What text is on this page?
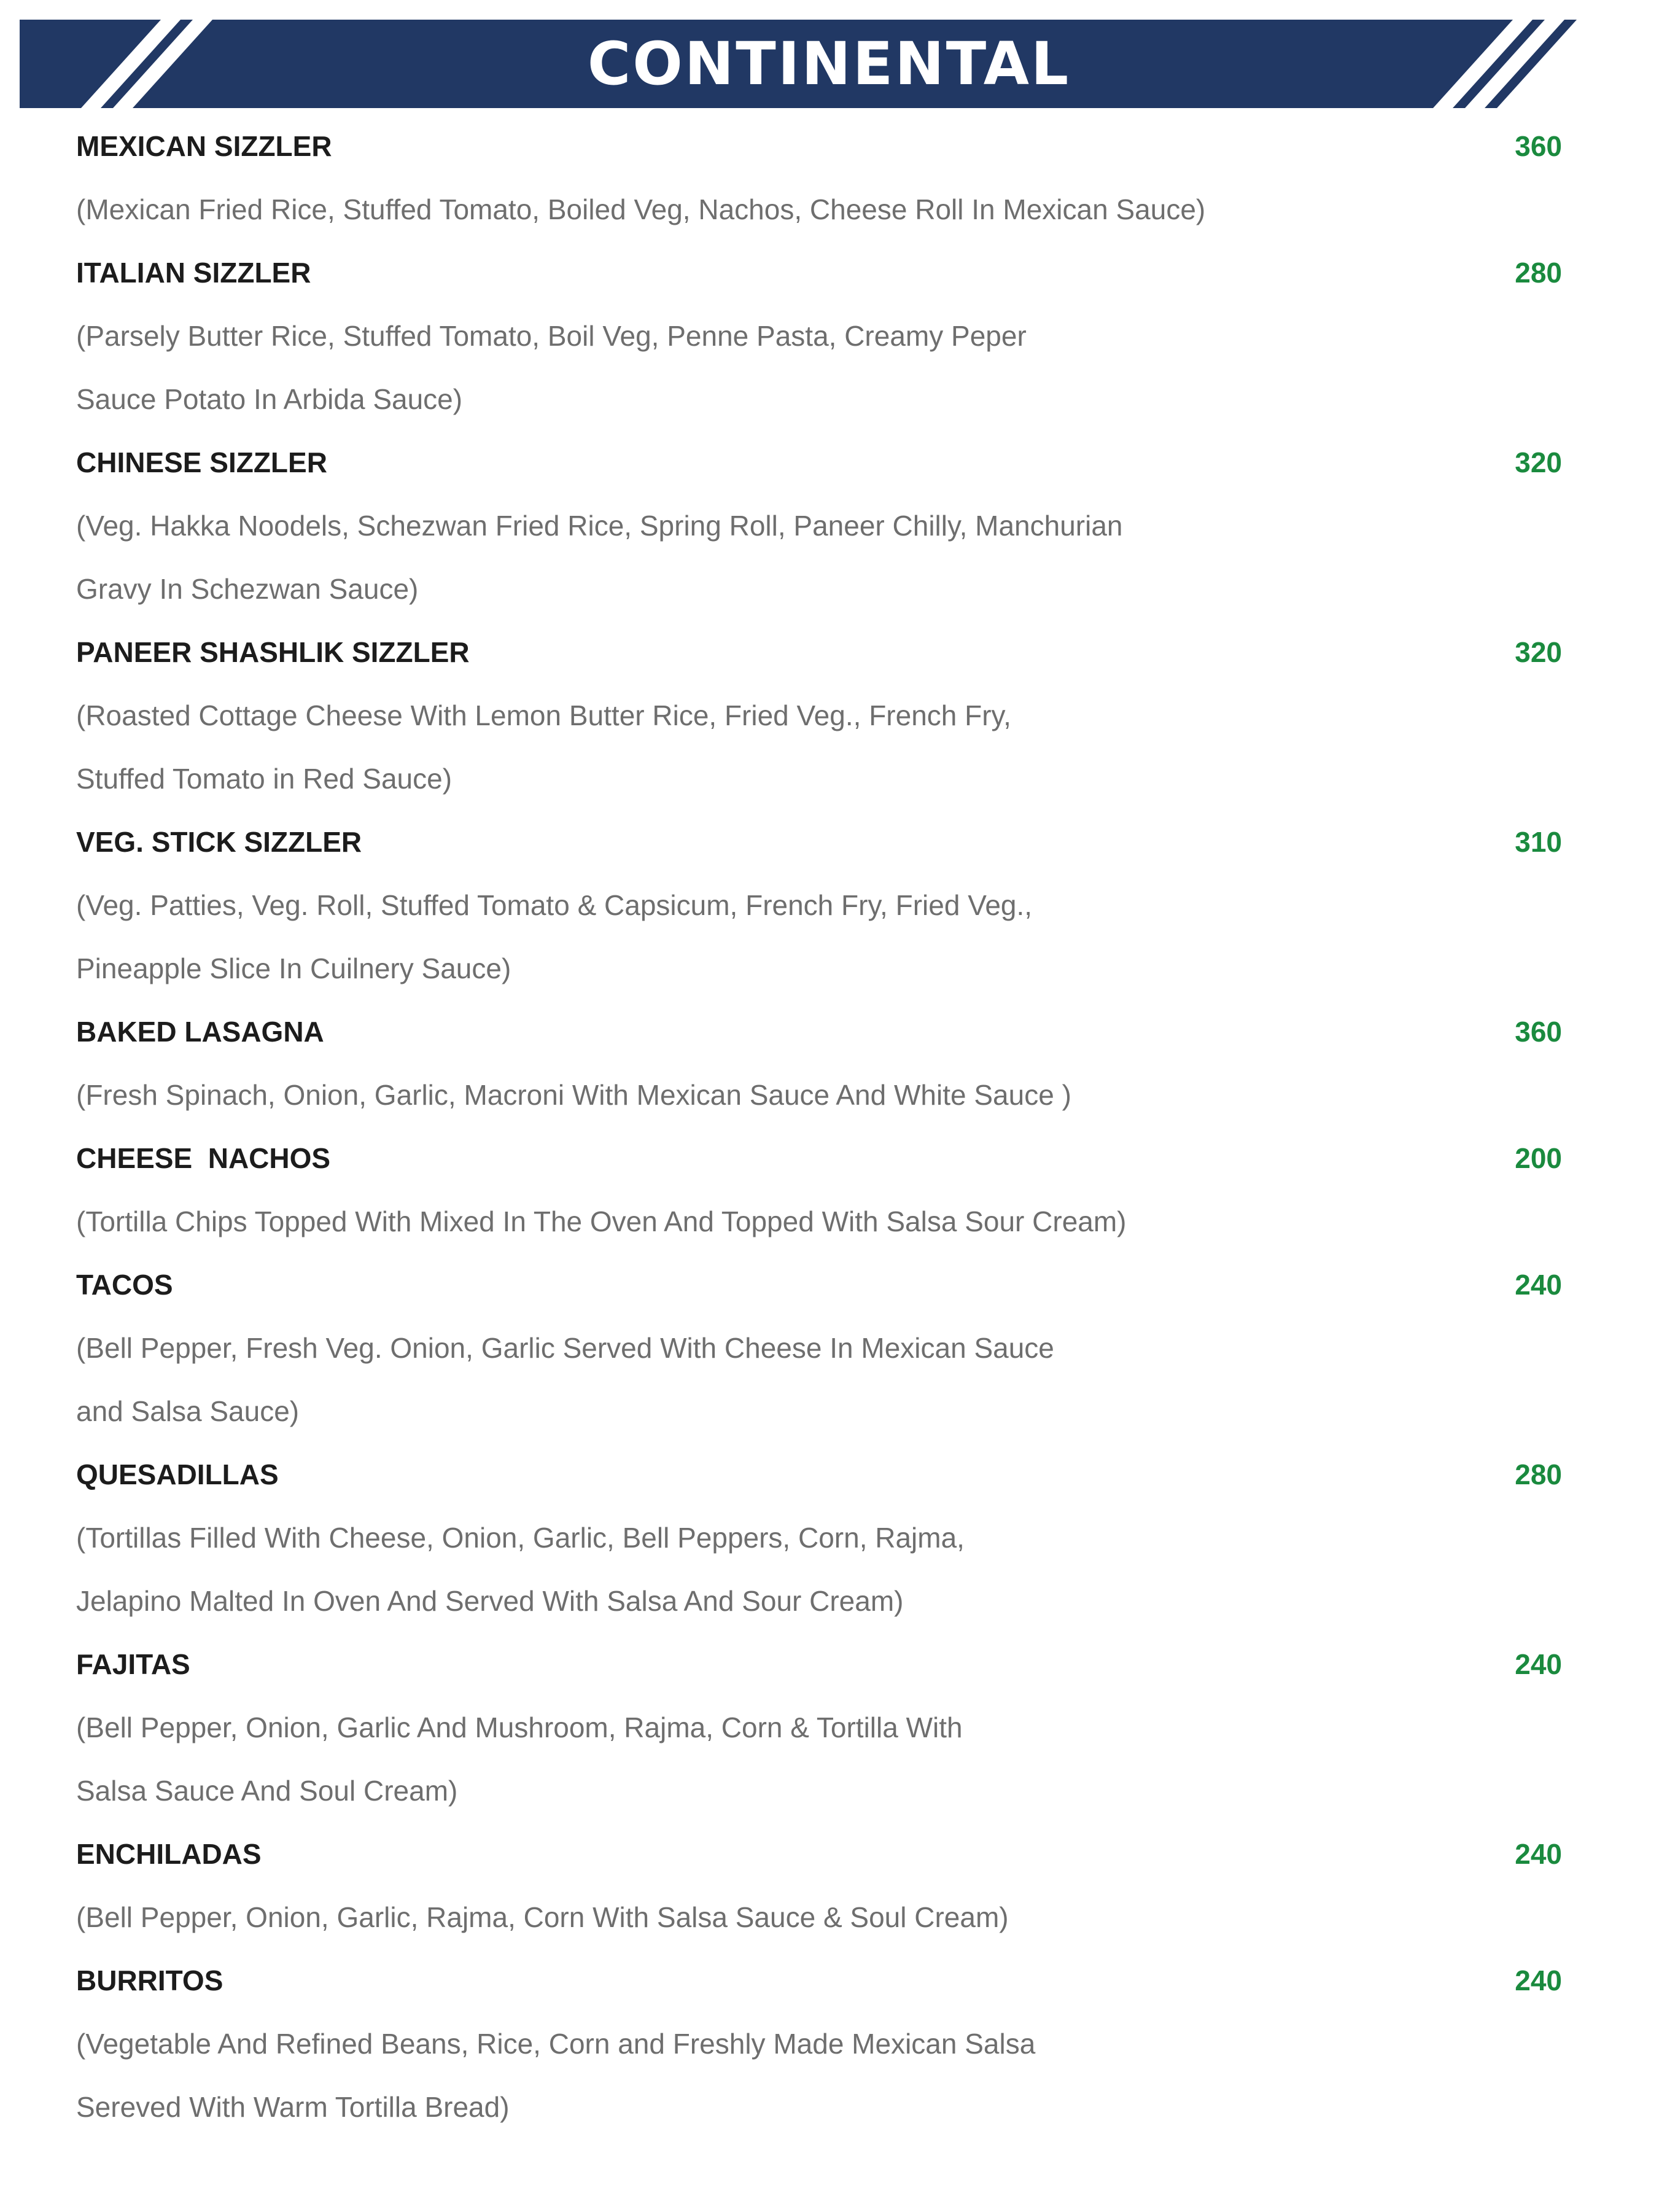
CONTINENTAL
MEXICAN SIZZLER	360
(Mexican Fried Rice, Stuffed Tomato, Boiled Veg, Nachos, Cheese Roll In Mexican Sauce)
ITALIAN SIZZLER	280
(Parsely Butter Rice, Stuffed Tomato, Boil Veg, Penne Pasta, Creamy Peper
Sauce Potato In Arbida Sauce)
CHINESE SIZZLER	320
(Veg. Hakka Noodels, Schezwan Fried Rice, Spring Roll, Paneer Chilly, Manchurian
Gravy In Schezwan Sauce)
PANEER SHASHLIK SIZZLER	320
(Roasted Cottage Cheese With Lemon Butter Rice, Fried Veg., French Fry,
Stuffed Tomato in Red Sauce)
VEG. STICK SIZZLER	310
(Veg. Patties, Veg. Roll, Stuffed Tomato & Capsicum, French Fry, Fried Veg.,
Pineapple Slice In Cuilnery Sauce)
BAKED LASAGNA	360
(Fresh Spinach, Onion, Garlic, Macroni With Mexican Sauce And White Sauce )
CHEESE  NACHOS	200
(Tortilla Chips Topped With Mixed In The Oven And Topped With Salsa Sour Cream)
TACOS	240
(Bell Pepper, Fresh Veg. Onion, Garlic Served With Cheese In Mexican Sauce
and Salsa Sauce)
QUESADILLAS	280
(Tortillas Filled With Cheese, Onion, Garlic, Bell Peppers, Corn, Rajma,
Jelapino Malted In Oven And Served With Salsa And Sour Cream)
FAJITAS	240
(Bell Pepper, Onion, Garlic And Mushroom, Rajma, Corn & Tortilla With
Salsa Sauce And Soul Cream)
ENCHILADAS	240
(Bell Pepper, Onion, Garlic, Rajma, Corn With Salsa Sauce & Soul Cream)
BURRITOS	240
(Vegetable And Refined Beans, Rice, Corn and Freshly Made Mexican Salsa
Sereved With Warm Tortilla Bread)
